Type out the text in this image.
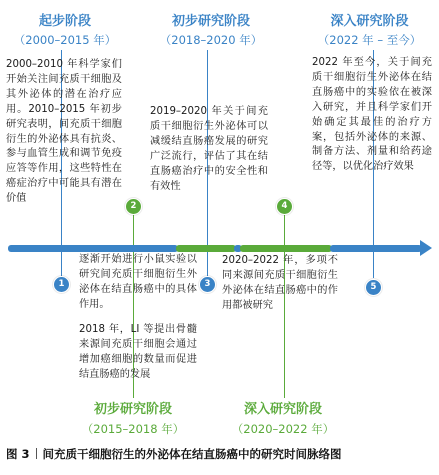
起步阶段
（2000–2015 年）
初步研究阶段
（2018–2020 年）
深入研究阶段
（2022 年 – 至今）

2000–2010 年科学家们开始关注间充质干细胞及其外泌体的潜在治疗应用。2010–2015 年初步研究表明，间充质干细胞衍生的外泌体具有抗炎、参与血管生成和调节免疫应答等作用，这些特性在癌症治疗中可能具有潜在价值

2019–2020 年关于间充质干细胞衍生外泌体可以减缓结直肠癌发展的研究广泛流行，评估了其在结直肠癌治疗中的安全性和有效性

2022 年至今，关于间充质干细胞衍生外泌体在结直肠癌中的实验依在被深入研究，并且科学家们开始确定其最佳的治疗方案，包括外泌体的来源、制备方法、剂量和给药途径等，以优化治疗效果

逐渐开始进行小鼠实验以研究间充质干细胞衍生外泌体在结直肠癌中的具体作用。

2018 年，LI 等提出骨髓来源间充质干细胞会通过增加癌细胞的数量而促进结直肠癌的发展

2020–2022 年，多项不同来源间充质干细胞衍生外泌体在结直肠癌中的作用都被研究

1
2
3
4
5
初步研究阶段
（2015–2018 年）
深入研究阶段
（2020–2022 年）
图 3 间充质干细胞衍生的外泌体在结直肠癌中的研究时间脉络图
